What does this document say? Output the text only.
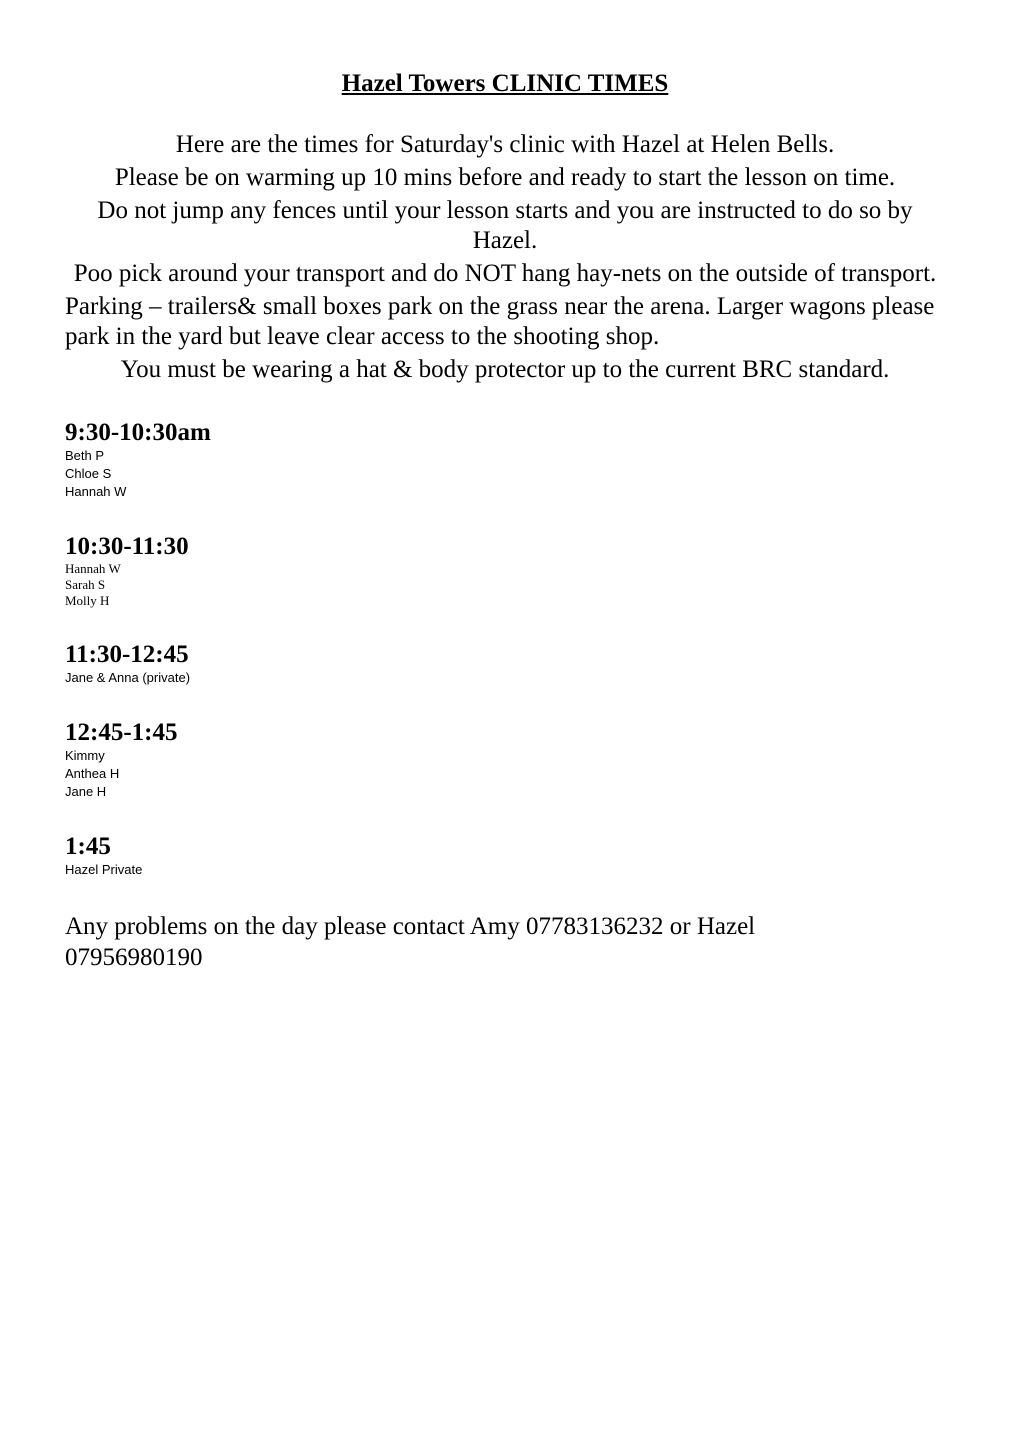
Hazel Towers CLINIC TIMES

Here are the times for Saturday's clinic with Hazel at Helen Bells.

Please be on warming up 10 mins before and ready to start the lesson on time.

Do not jump any fences until your lesson starts and you are instructed to do so by Hazel.

Poo pick around your transport and do NOT hang hay-nets on the outside of transport.

Parking – trailers& small boxes park on the grass near the arena. Larger wagons please park in the yard but leave clear access to the shooting shop.

You must be wearing a hat & body protector up to the current BRC standard.

9:30-10:30am
Beth P
Chloe S
Hannah W
10:30-11:30
Hannah W
Sarah S
Molly H
11:30-12:45
Jane & Anna (private)
12:45-1:45
Kimmy
Anthea H
Jane H
1:45
Hazel Private
Any problems on the day please contact Amy 07783136232 or Hazel 07956980190
